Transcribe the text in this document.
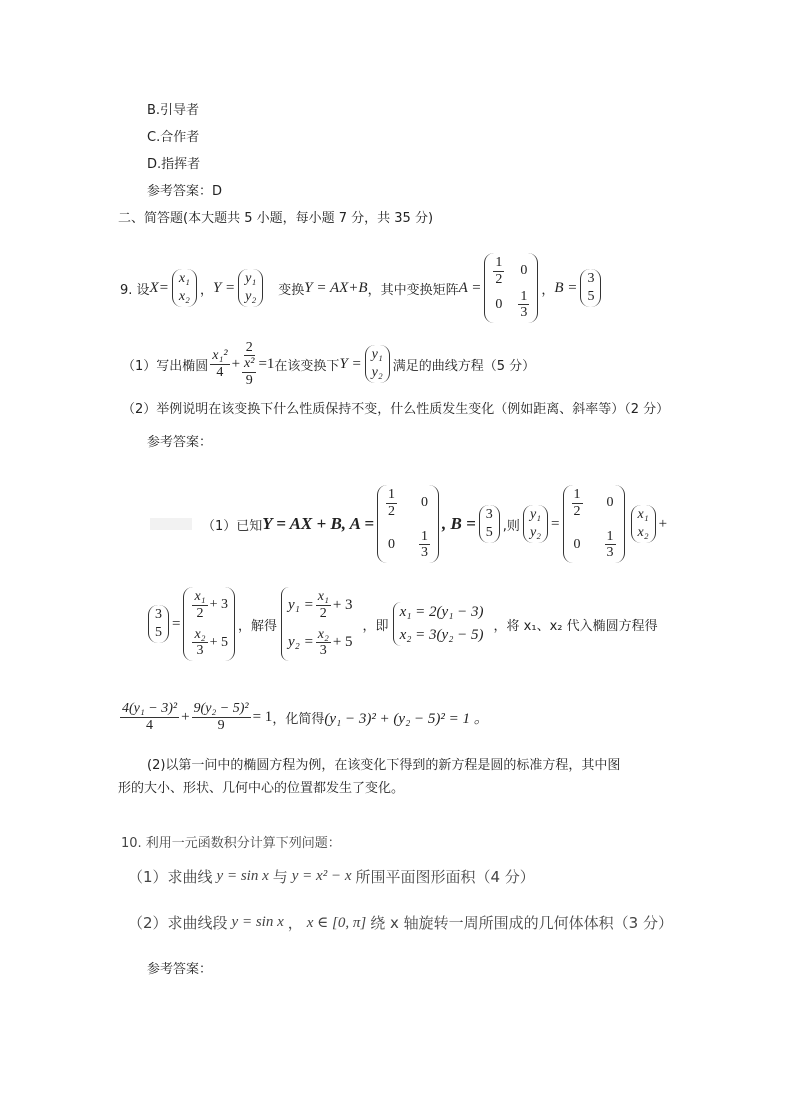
B.引导者
C.合作者
D.指挥者
参考答案：D
二、简答题(本大题共 5 小题，每小题 7 分，共 35 分)
9. 设 X=
x₁
x₂ ， Y =
y₁
y₂ 变换 Y = AX+B ，其中变换矩阵 A =
1
2
0
0
1
3
， B =
3
5
（1）写出椭圆
x₁²
4
+ 2
x²
9 =1 在该变换下 Y =
y₁
y₂ 满足的曲线方程（5 分）
（2）举例说明在该变换下什么性质保持不变，什么性质发生变化（例如距离、斜率等）（2 分）
参考答案：
（1）已知 Y = AX + B , A =
1
2
0
0
1
3
, B = 3
5 ,则
y₁
y₂
=
1
2
0
0
1
3
x₁
x₂
+
3
5
=
x₁
2
+ 3
x₂
3
+ 5
，解得
$y_1 = \frac{\text{x₁}}{2} + 3$
$y_2 = \frac{\text{x₂}}{3} + 5$
，即
x₁ = 2(y₁ − 3)
x₂ = 3(y₂ − 5)
，将 x₁、x₂ 代入椭圆方程得
4(y₁ − 3)²
4
+ $\frac{\text{9(y₂ − 5)²}}{9} = 1$ ，化简得 (y₁ − 3)² + (y₂ − 5)² = 1 。
(2)以第一问中的椭圆方程为例，在该变化下得到的新方程是圆的标准方程，其中图
形的大小、形状、几何中心的位置都发生了变化。
10. 利用一元函数积分计算下列问题：
（1）求曲线 y = sin x 与 y = x² − x 所围平面图形面积（4 分）
（2）求曲线段 y = sin x ， x ∈ [0, π] 绕 x 轴旋转一周所围成的几何体体积（3 分）
参考答案：
